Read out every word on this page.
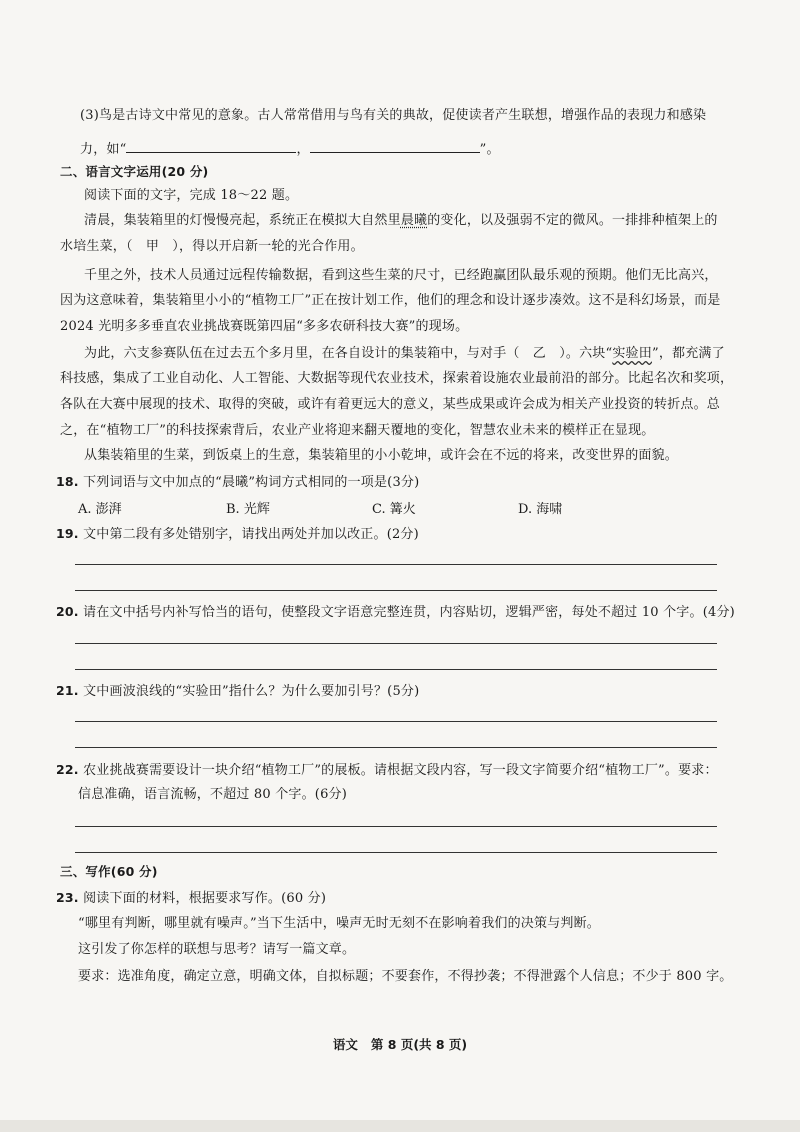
(3)鸟是古诗文中常见的意象。古人常常借用与鸟有关的典故，促使读者产生联想，增强作品的表现力和感染
力，如“	，	”。
二、语言文字运用(20 分)
阅读下面的文字，完成 18～22 题。
清晨，集装箱里的灯慢慢亮起，系统正在模拟大自然里晨曦的变化，以及强弱不定的微风。一排排种植架上的
水培生菜，（　甲　），得以开启新一轮的光合作用。
千里之外，技术人员通过远程传输数据，看到这些生菜的尺寸，已经跑赢团队最乐观的预期。他们无比高兴，
因为这意味着，集装箱里小小的“植物工厂”正在按计划工作，他们的理念和设计逐步凑效。这不是科幻场景，而是
2024 光明多多垂直农业挑战赛既第四届“多多农研科技大赛”的现场。
为此，六支参赛队伍在过去五个多月里，在各自设计的集装箱中，与对手（　乙　）。六块“实验田”，都充满了
科技感，集成了工业自动化、人工智能、大数据等现代农业技术，探索着设施农业最前沿的部分。比起名次和奖项，
各队在大赛中展现的技术、取得的突破，或许有着更远大的意义，某些成果或许会成为相关产业投资的转折点。总
之，在“植物工厂”的科技探索背后，农业产业将迎来翻天覆地的变化，智慧农业未来的模样正在显现。
从集装箱里的生菜，到饭桌上的生意，集装箱里的小小乾坤，或许会在不远的将来，改变世界的面貌。
18. 下列词语与文中加点的“晨曦”构词方式相同的一项是(3分)
A. 澎湃	B. 光辉	C. 篝火	D. 海啸
19. 文中第二段有多处错别字，请找出两处并加以改正。(2分)
20. 请在文中括号内补写恰当的语句，使整段文字语意完整连贯，内容贴切，逻辑严密，每处不超过 10 个字。(4分)
21. 文中画波浪线的“实验田”指什么？为什么要加引号？(5分)
22. 农业挑战赛需要设计一块介绍“植物工厂”的展板。请根据文段内容，写一段文字简要介绍“植物工厂”。要求：
信息准确，语言流畅，不超过 80 个字。(6分)
三、写作(60 分)
23. 阅读下面的材料，根据要求写作。(60 分)
“哪里有判断，哪里就有噪声。”当下生活中，噪声无时无刻不在影响着我们的决策与判断。
这引发了你怎样的联想与思考？请写一篇文章。
要求：选准角度，确定立意，明确文体，自拟标题；不要套作，不得抄袭；不得泄露个人信息；不少于 800 字。
语文 第 8 页(共 8 页)
